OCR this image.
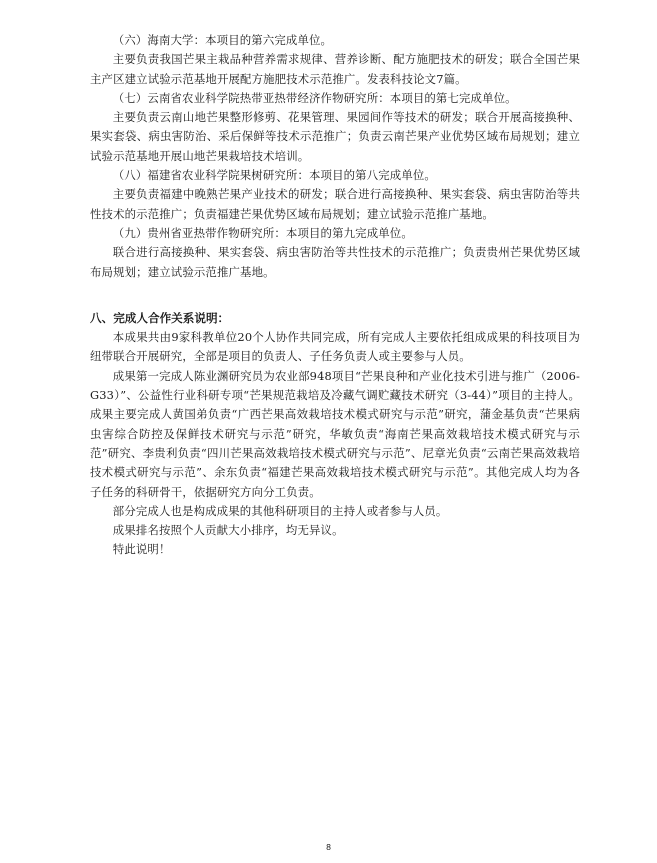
（六）海南大学：本项目的第六完成单位。

主要负责我国芒果主栽品种营养需求规律、营养诊断、配方施肥技术的研发；联合全国芒果主产区建立试验示范基地开展配方施肥技术示范推广。发表科技论文7篇。

（七）云南省农业科学院热带亚热带经济作物研究所：本项目的第七完成单位。

主要负责云南山地芒果整形修剪、花果管理、果园间作等技术的研发；联合开展高接换种、果实套袋、病虫害防治、采后保鲜等技术示范推广；负责云南芒果产业优势区域布局规划；建立试验示范基地开展山地芒果栽培技术培训。

（八）福建省农业科学院果树研究所：本项目的第八完成单位。

主要负责福建中晚熟芒果产业技术的研发；联合进行高接换种、果实套袋、病虫害防治等共性技术的示范推广；负责福建芒果优势区域布局规划；建立试验示范推广基地。

（九）贵州省亚热带作物研究所：本项目的第九完成单位。

联合进行高接换种、果实套袋、病虫害防治等共性技术的示范推广；负责贵州芒果优势区域布局规划；建立试验示范推广基地。

八、完成人合作关系说明：

本成果共由9家科教单位20个人协作共同完成，所有完成人主要依托组成成果的科技项目为纽带联合开展研究，全部是项目的负责人、子任务负责人或主要参与人员。

成果第一完成人陈业渊研究员为农业部948项目“芒果良种和产业化技术引进与推广（2006-G33）”、公益性行业科研专项“芒果规范栽培及冷藏气调贮藏技术研究（3-44）”项目的主持人。成果主要完成人黄国弟负责“广西芒果高效栽培技术模式研究与示范”研究，蒲金基负责“芒果病虫害综合防控及保鲜技术研究与示范”研究，华敏负责“海南芒果高效栽培技术模式研究与示范”研究、李贵利负责“四川芒果高效栽培技术模式研究与示范”、尼章光负责“云南芒果高效栽培技术模式研究与示范”、余东负责“福建芒果高效栽培技术模式研究与示范”。其他完成人均为各子任务的科研骨干，依据研究方向分工负责。

部分完成人也是构成成果的其他科研项目的主持人或者参与人员。

成果排名按照个人贡献大小排序，均无异议。

特此说明！

8
